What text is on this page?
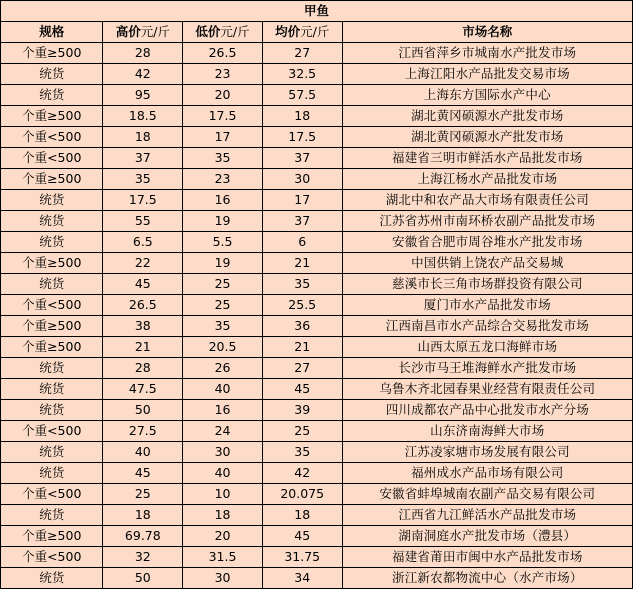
甲鱼				
规格	高价元/斤	低价元/斤	均价元/斤	市场名称
个重≥500	28	26.5	27	江西省萍乡市城南水产批发市场
统货	42	23	32.5	上海江阳水产品批发交易市场
统货	95	20	57.5	上海东方国际水产中心
个重≥500	18.5	17.5	18	湖北黄冈硕源水产批发市场
个重<500	18	17	17.5	湖北黄冈硕源水产批发市场
个重<500	37	35	37	福建省三明市鲜活水产品批发市场
个重≥500	35	23	30	上海江杨水产品批发市场
统货	17.5	16	17	湖北中和农产品大市场有限责任公司
统货	55	19	37	江苏省苏州市南环桥农副产品批发市场
统货	6.5	5.5	6	安徽省合肥市周谷堆水产批发市场
个重≥500	22	19	21	中国供销上饶农产品交易城
统货	45	25	35	慈溪市长三角市场群投资有限公司
个重<500	26.5	25	25.5	厦门市水产品批发市场
个重≥500	38	35	36	江西南昌市水产品综合交易批发市场
个重≥500	21	20.5	21	山西太原五龙口海鲜市场
统货	28	26	27	长沙市马王堆海鲜水产批发市场
统货	47.5	40	45	乌鲁木齐北园春果业经营有限责任公司
统货	50	16	39	四川成都农产品中心批发市水产分场
个重<500	27.5	24	25	山东济南海鲜大市场
统货	40	30	35	江苏凌家塘市场发展有限公司
统货	45	40	42	福州成水产品市场有限公司
个重<500	25	10	20.075	安徽省蚌埠城南农副产品交易有限公司
统货	18	18	18	江西省九江鲜活水产品批发市场
个重≥500	69.78	20	45	湖南洞庭水产批发市场（澧县）
个重<500	32	31.5	31.75	福建省莆田市闽中水产品批发市场
统货	50	30	34	浙江新农都物流中心（水产市场）
